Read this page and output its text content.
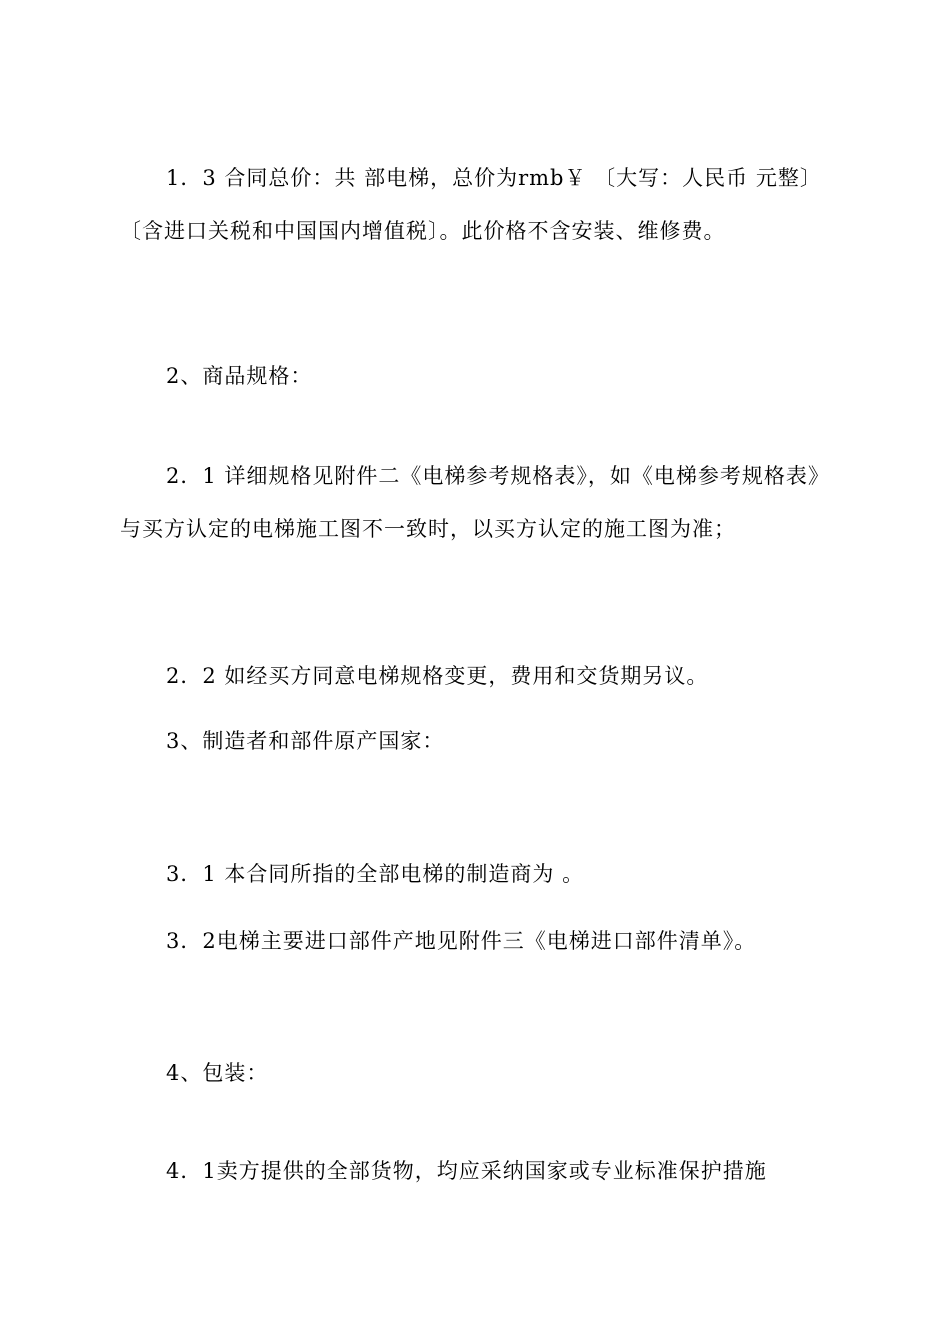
1．3 合同总价：共 部电梯，总价为rmb￥ 〔大写：人民币 元整〕〔含进口关税和中国国内增值税〕。此价格不含安装、维修费。
2、商品规格：
2．1 详细规格见附件二《电梯参考规格表》，如《电梯参考规格表》与买方认定的电梯施工图不一致时，以买方认定的施工图为准；
2．2 如经买方同意电梯规格变更，费用和交货期另议。
3、制造者和部件原产国家：
3．1 本合同所指的全部电梯的制造商为 。
3．2电梯主要进口部件产地见附件三《电梯进口部件清单》。
4、包装：
4．1卖方提供的全部货物，均应采纳国家或专业标准保护措施
